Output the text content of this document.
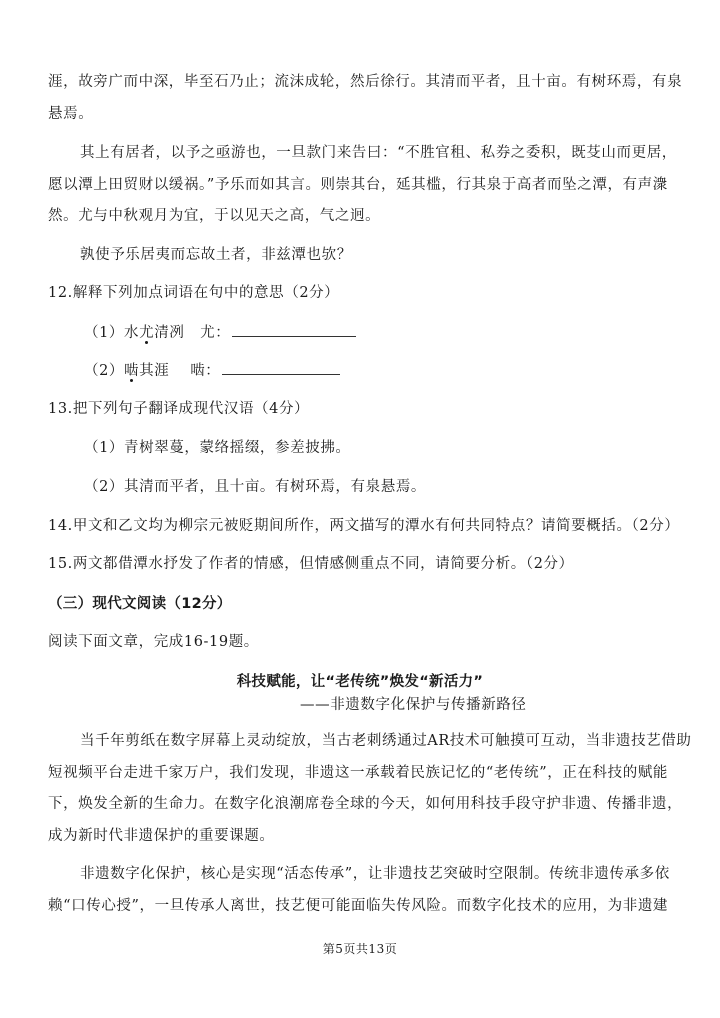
涯，故旁广而中深，毕至石乃止；流沫成轮，然后徐行。其清而平者，且十亩。有树环焉，有泉
悬焉。
其上有居者，以予之亟游也，一旦款门来告曰：“不胜官租、私券之委积，既芟山而更居，
愿以潭上田贸财以缓祸。”予乐而如其言。则崇其台，延其槛，行其泉于高者而坠之潭，有声潨
然。尤与中秋观月为宜，于以见天之高，气之迥。
孰使予乐居夷而忘故土者，非兹潭也欤？
12.解释下列加点词语在句中的意思（2分）
（1）水尤清冽 尤：
（2）啮其涯 啮：
13.把下列句子翻译成现代汉语（4分）
（1）青树翠蔓，蒙络摇缀，参差披拂。
（2）其清而平者，且十亩。有树环焉，有泉悬焉。
14.甲文和乙文均为柳宗元被贬期间所作，两文描写的潭水有何共同特点？请简要概括。（2分）
15.两文都借潭水抒发了作者的情感，但情感侧重点不同，请简要分析。（2分）
（三）现代文阅读（12分）
阅读下面文章，完成16-19题。
科技赋能，让“老传统”焕发“新活力”
——非遗数字化保护与传播新路径
当千年剪纸在数字屏幕上灵动绽放，当古老刺绣通过AR技术可触摸可互动，当非遗技艺借助
短视频平台走进千家万户，我们发现，非遗这一承载着民族记忆的“老传统”，正在科技的赋能
下，焕发全新的生命力。在数字化浪潮席卷全球的今天，如何用科技手段守护非遗、传播非遗，
成为新时代非遗保护的重要课题。
非遗数字化保护，核心是实现“活态传承”，让非遗技艺突破时空限制。传统非遗传承多依
赖“口传心授”，一旦传承人离世，技艺便可能面临失传风险。而数字化技术的应用，为非遗建
第5页共13页
